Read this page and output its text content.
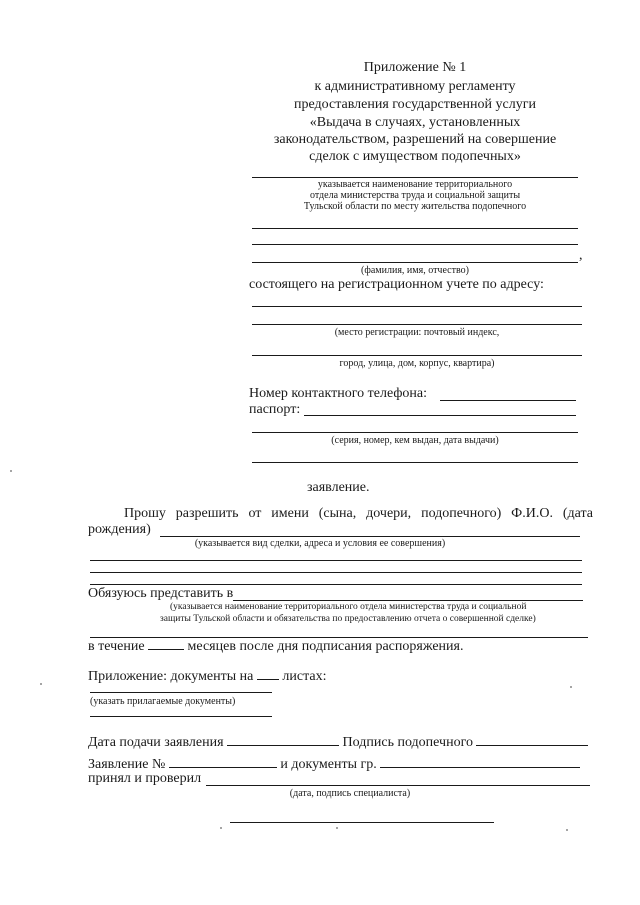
Приложение № 1
к административному регламенту
предоставления государственной услуги
«Выдача в случаях, установленных
законодательством, разрешений на совершение
сделок с имуществом подопечных»
указывается наименование территориального
отдела министерства труда и социальной защиты
Тульской области по месту жительства подопечного
,
(фамилия, имя, отчество)
состоящего на регистрационном учете по адресу:
(место регистрации: почтовый индекс,
город, улица, дом, корпус, квартира)
Номер контактного телефона:
паспорт:
(серия, номер, кем выдан, дата выдачи)
заявление.
Прошу разрешить от имени (сына, дочери, подопечного) Ф.И.О. (дата
рождения)
(указывается вид сделки, адреса и условия ее совершения)
Обязуюсь представить в
(указывается наименование территориального отдела министерства труда и социальной
защиты Тульской области и обязательства по предоставлению отчета о совершенной сделке)
в течение	месяцев после дня подписания распоряжения.
Приложение: документы на листах:
(указать прилагаемые документы)
Дата подачи заявления	Подпись подопечного
Заявление №	и документы гр.
принял и проверил
(дата, подпись специалиста)
